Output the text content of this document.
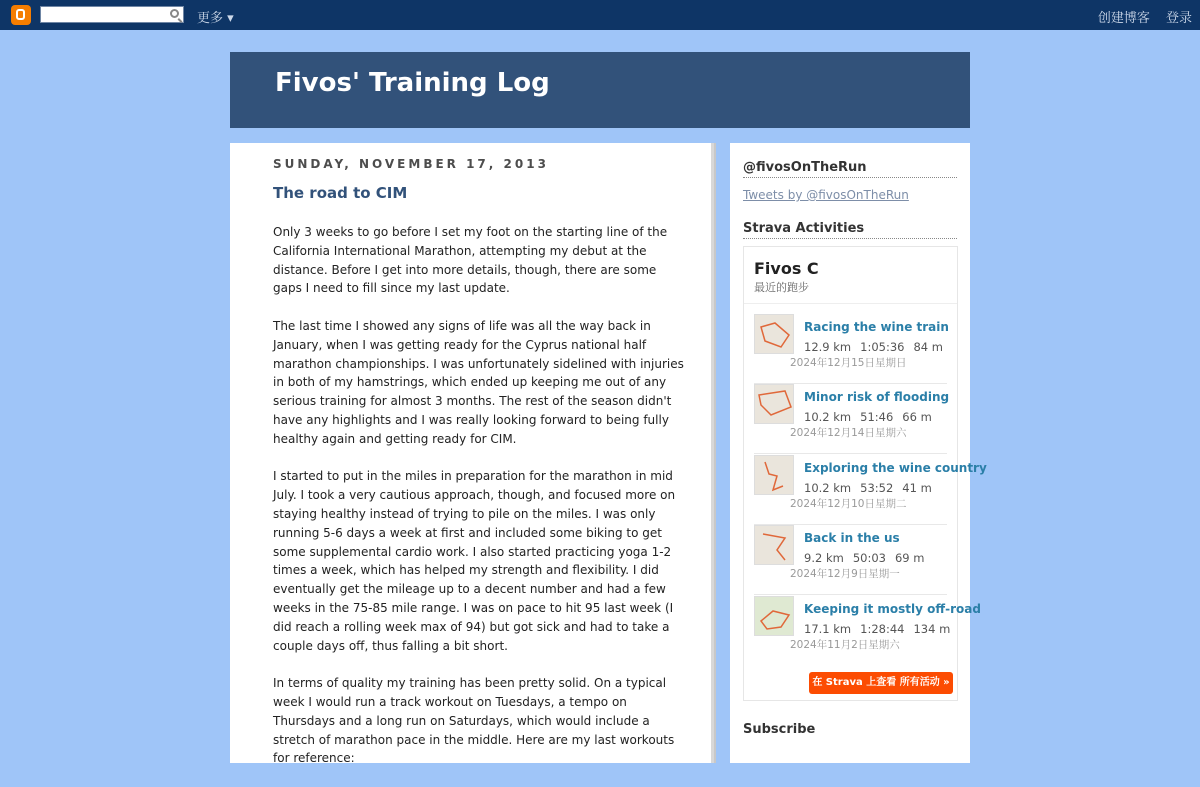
更多 ▾	创建博客 登录
Fivos' Training Log
SUNDAY, NOVEMBER 17, 2013
The road to CIM

Only 3 weeks to go before I set my foot on the starting line of the California International Marathon, attempting my debut at the distance. Before I get into more details, though, there are some gaps I need to fill since my last update.

The last time I showed any signs of life was all the way back in January, when I was getting ready for the Cyprus national half marathon championships. I was unfortunately sidelined with injuries in both of my hamstrings, which ended up keeping me out of any serious training for almost 3 months. The rest of the season didn't have any highlights and I was really looking forward to being fully healthy again and getting ready for CIM.

I started to put in the miles in preparation for the marathon in mid July. I took a very cautious approach, though, and focused more on staying healthy instead of trying to pile on the miles. I was only running 5-6 days a week at first and included some biking to get some supplemental cardio work. I also started practicing yoga 1-2 times a week, which has helped my strength and flexibility. I did eventually get the mileage up to a decent number and had a few weeks in the 75-85 mile range. I was on pace to hit 95 last week (I did reach a rolling week max of 94) but got sick and had to take a couple days off, thus falling a bit short.

In terms of quality my training has been pretty solid. On a typical week I would run a track workout on Tuesdays, a tempo on Thursdays and a long run on Saturdays, which would include a stretch of marathon pace in the middle. Here are my last workouts for reference:

@fivosOnTheRun
Tweets by @fivosOnTheRun
Strava Activities
Fivos C
最近的跑步
Racing the wine train
12.9 km 1:05:36 84 m
2024年12月15日星期日
Minor risk of flooding
10.2 km 51:46 66 m
2024年12月14日星期六
Exploring the wine country
10.2 km 53:52 41 m
2024年12月10日星期二
Back in the us
9.2 km 50:03 69 m
2024年12月9日星期一
Keeping it mostly off-road
17.1 km 1:28:44 134 m
2024年11月2日星期六
在 Strava 上查看 所有活动 »
Subscribe
